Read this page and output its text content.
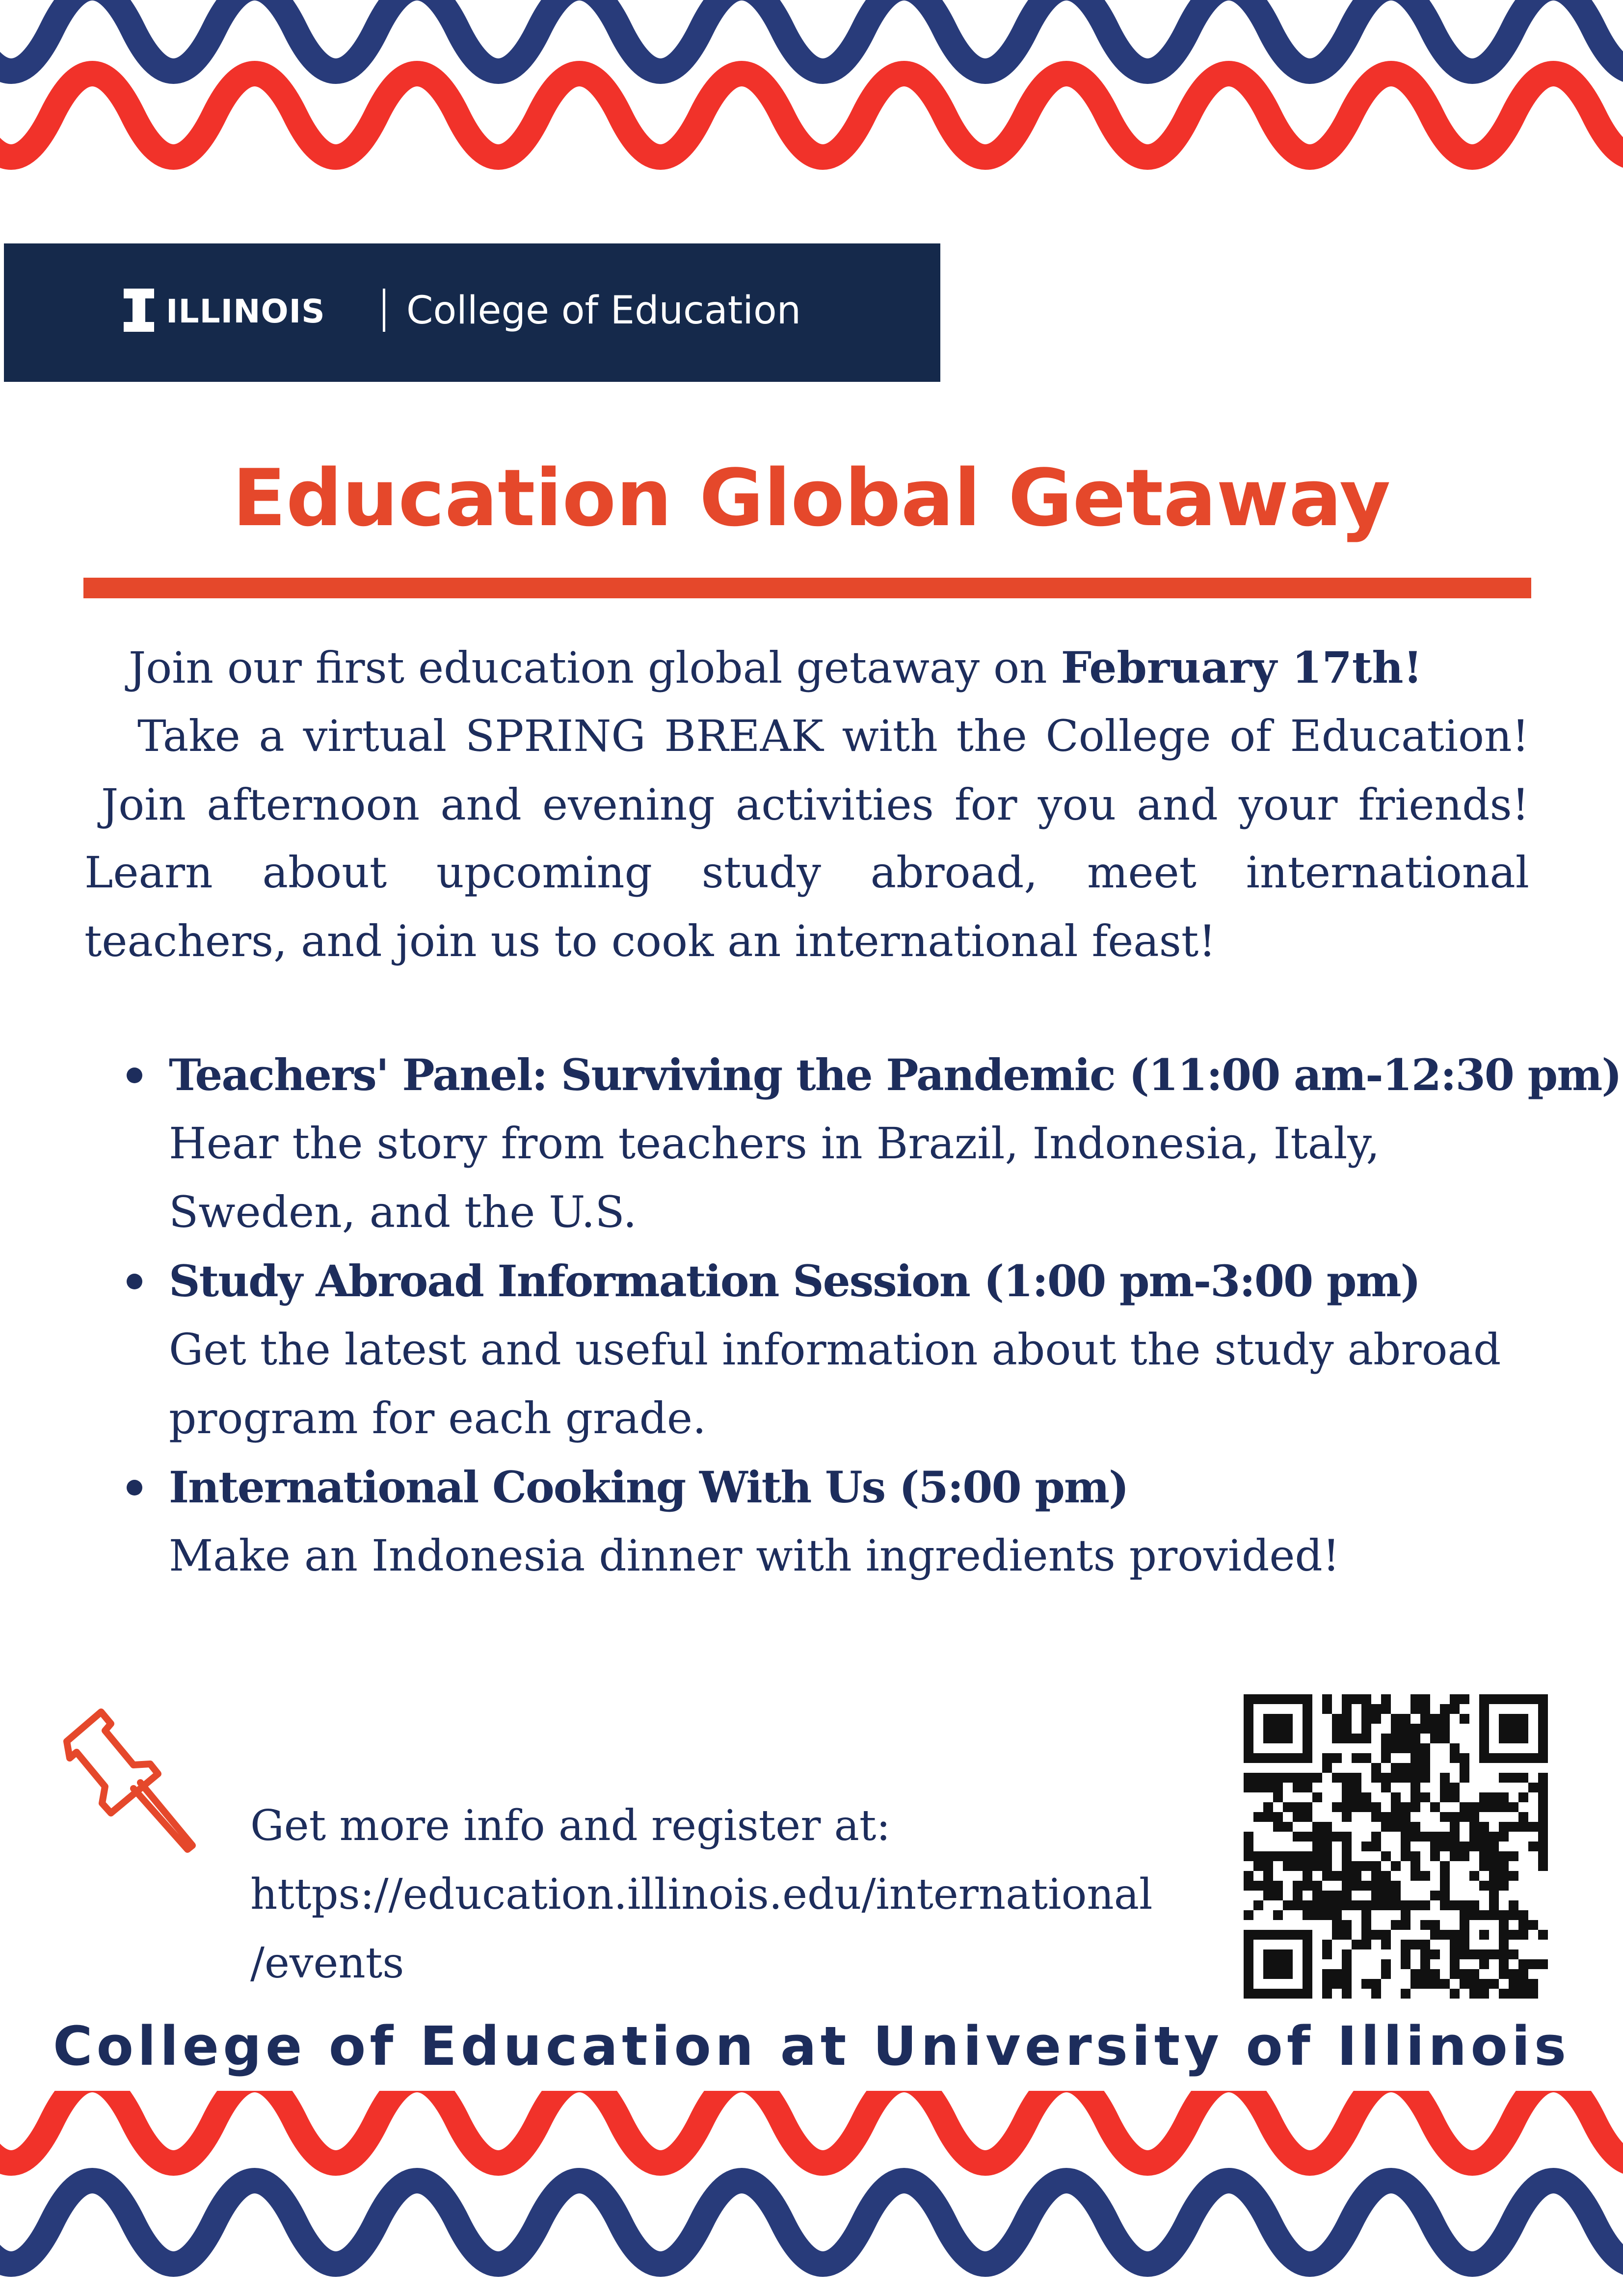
ILLINOIS College of Education
Education Global Getaway
Join our first education global getaway on February 17th!
Take a virtual SPRING BREAK with the College of Education!
Join afternoon and evening activities for you and your friends!
Learn about upcoming study abroad, meet international
teachers, and join us to cook an international feast!
Teachers' Panel: Surviving the Pandemic (11:00 am-12:30 pm)
Hear the story from teachers in Brazil, Indonesia, Italy, Sweden, and the U.S.
Study Abroad Information Session (1:00 pm-3:00 pm)
Get the latest and useful information about the study abroad program for each grade.
International Cooking With Us (5:00 pm)
Make an Indonesia dinner with ingredients provided!
Get more info and register at:
https://education.illinois.edu/international
/events
College of Education at University of Illinois
